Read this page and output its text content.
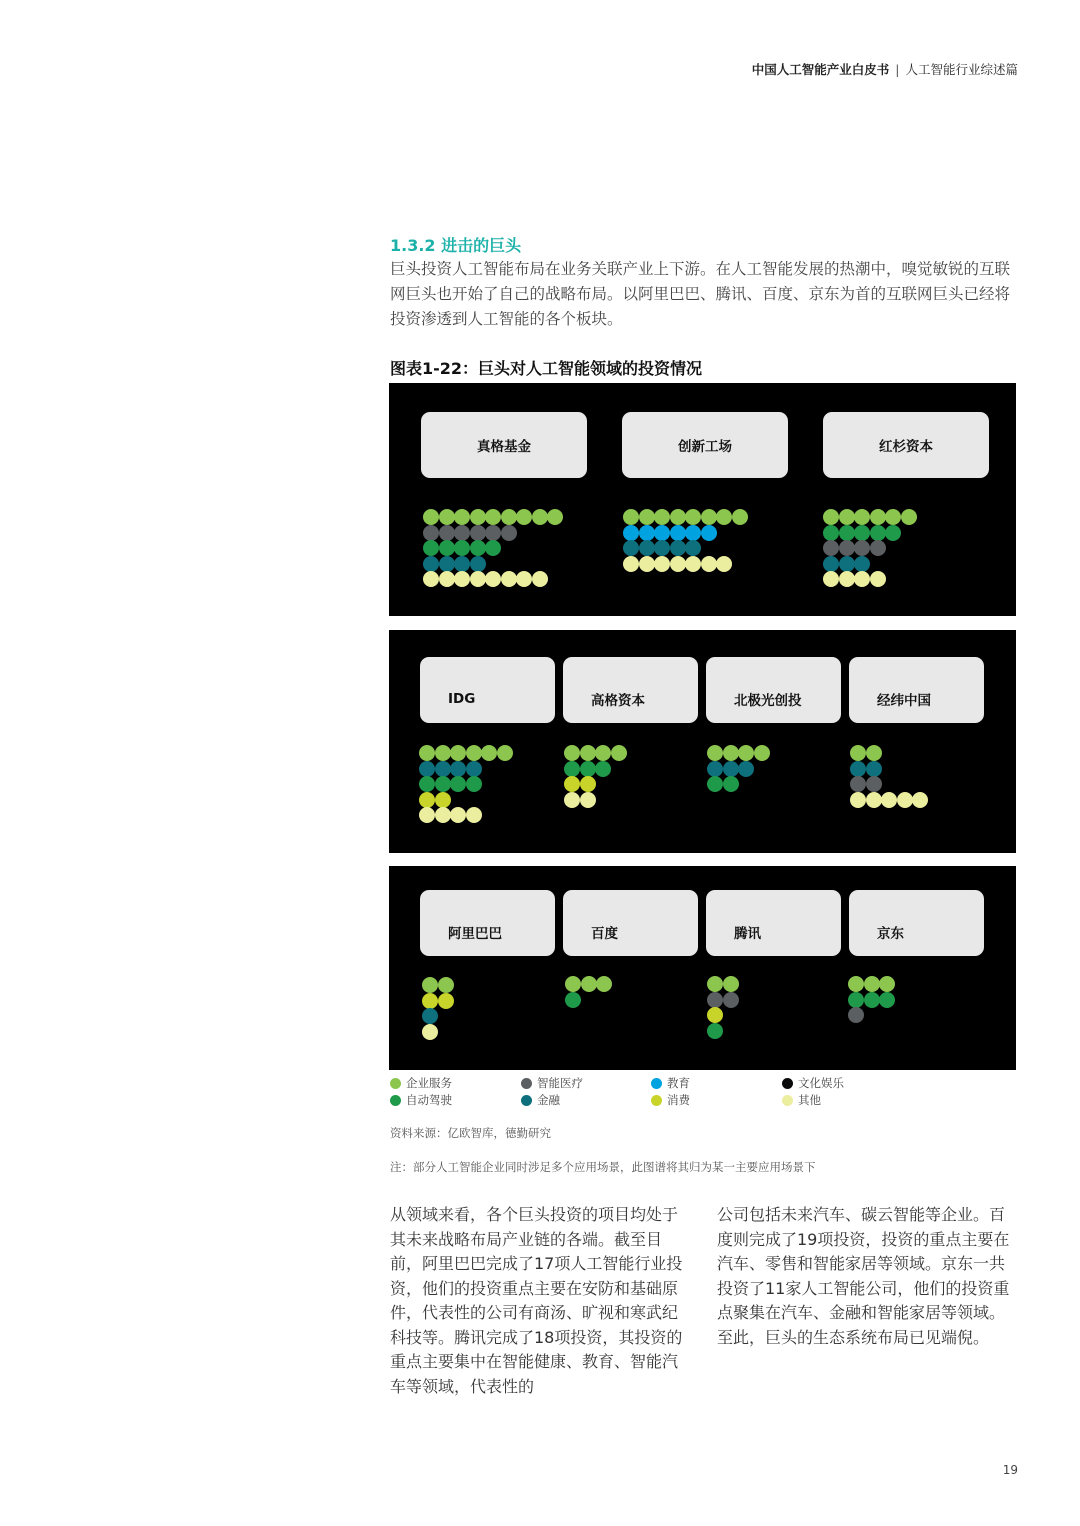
中国人工智能产业白皮书 | 人工智能行业综述篇
1.3.2 进击的巨头

巨头投资人工智能布局在业务关联产业上下游。在人工智能发展的热潮中，嗅觉敏锐的互联网巨头也开始了自己的战略布局。以阿里巴巴、腾讯、百度、京东为首的互联网巨头已经将投资渗透到人工智能的各个板块。

图表1-22：巨头对人工智能领域的投资情况
真格基金	创新工场	红杉资本
IDG	高格资本	北极光创投	经纬中国
阿里巴巴	百度	腾讯	京东
企业服务	智能医疗	教育	文化娱乐
自动驾驶	金融	消费	其他
资料来源：亿欧智库，德勤研究
注：部分人工智能企业同时涉足多个应用场景，此图谱将其归为某一主要应用场景下

从领域来看，各个巨头投资的项目均处于其未来战略布局产业链的各端。截至目前，阿里巴巴完成了17项人工智能行业投资，他们的投资重点主要在安防和基础原件，代表性的公司有商汤、旷视和寒武纪科技等。腾讯完成了18项投资，其投资的重点主要集中在智能健康、教育、智能汽车等领域，代表性的

公司包括未来汽车、碳云智能等企业。百度则完成了19项投资，投资的重点主要在汽车、零售和智能家居等领域。京东一共投资了11家人工智能公司，他们的投资重点聚集在汽车、金融和智能家居等领域。至此，巨头的生态系统布局已见端倪。

19
